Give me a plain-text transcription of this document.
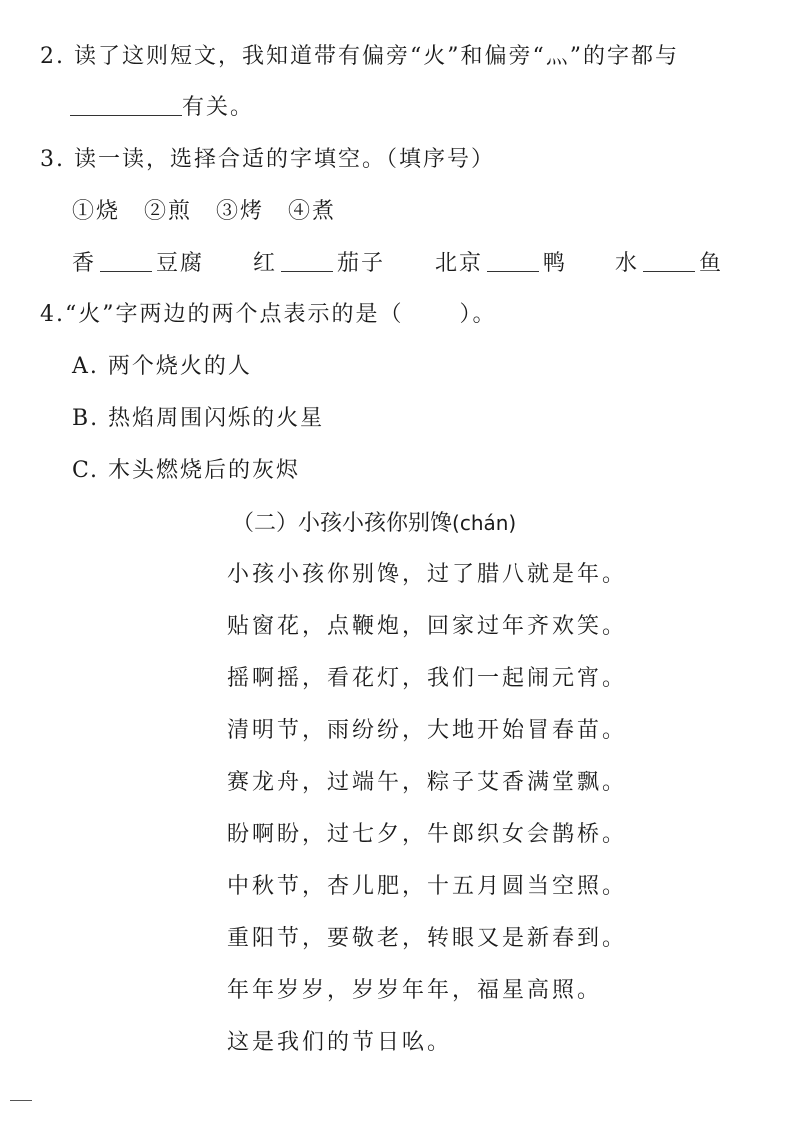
2. 读了这则短文，我知道带有偏旁“火”和偏旁“灬”的字都与
有关。
3. 读一读，选择合适的字填空。（填序号）
①烧　②煎　③烤　④煮
香	豆腐 红	茄子 北京	鸭 水	鱼
4.“火”字两边的两个点表示的是（	）。
A. 两个烧火的人
B. 热焰周围闪烁的火星
C. 木头燃烧后的灰烬
（二）小孩小孩你别馋(chán)
小孩小孩你别馋，过了腊八就是年。
贴窗花，点鞭炮，回家过年齐欢笑。
摇啊摇，看花灯，我们一起闹元宵。
清明节，雨纷纷，大地开始冒春苗。
赛龙舟，过端午，粽子艾香满堂飘。
盼啊盼，过七夕，牛郎织女会鹊桥。
中秋节，杏儿肥，十五月圆当空照。
重阳节，要敬老，转眼又是新春到。
年年岁岁，岁岁年年，福星高照。
这是我们的节日吆。
